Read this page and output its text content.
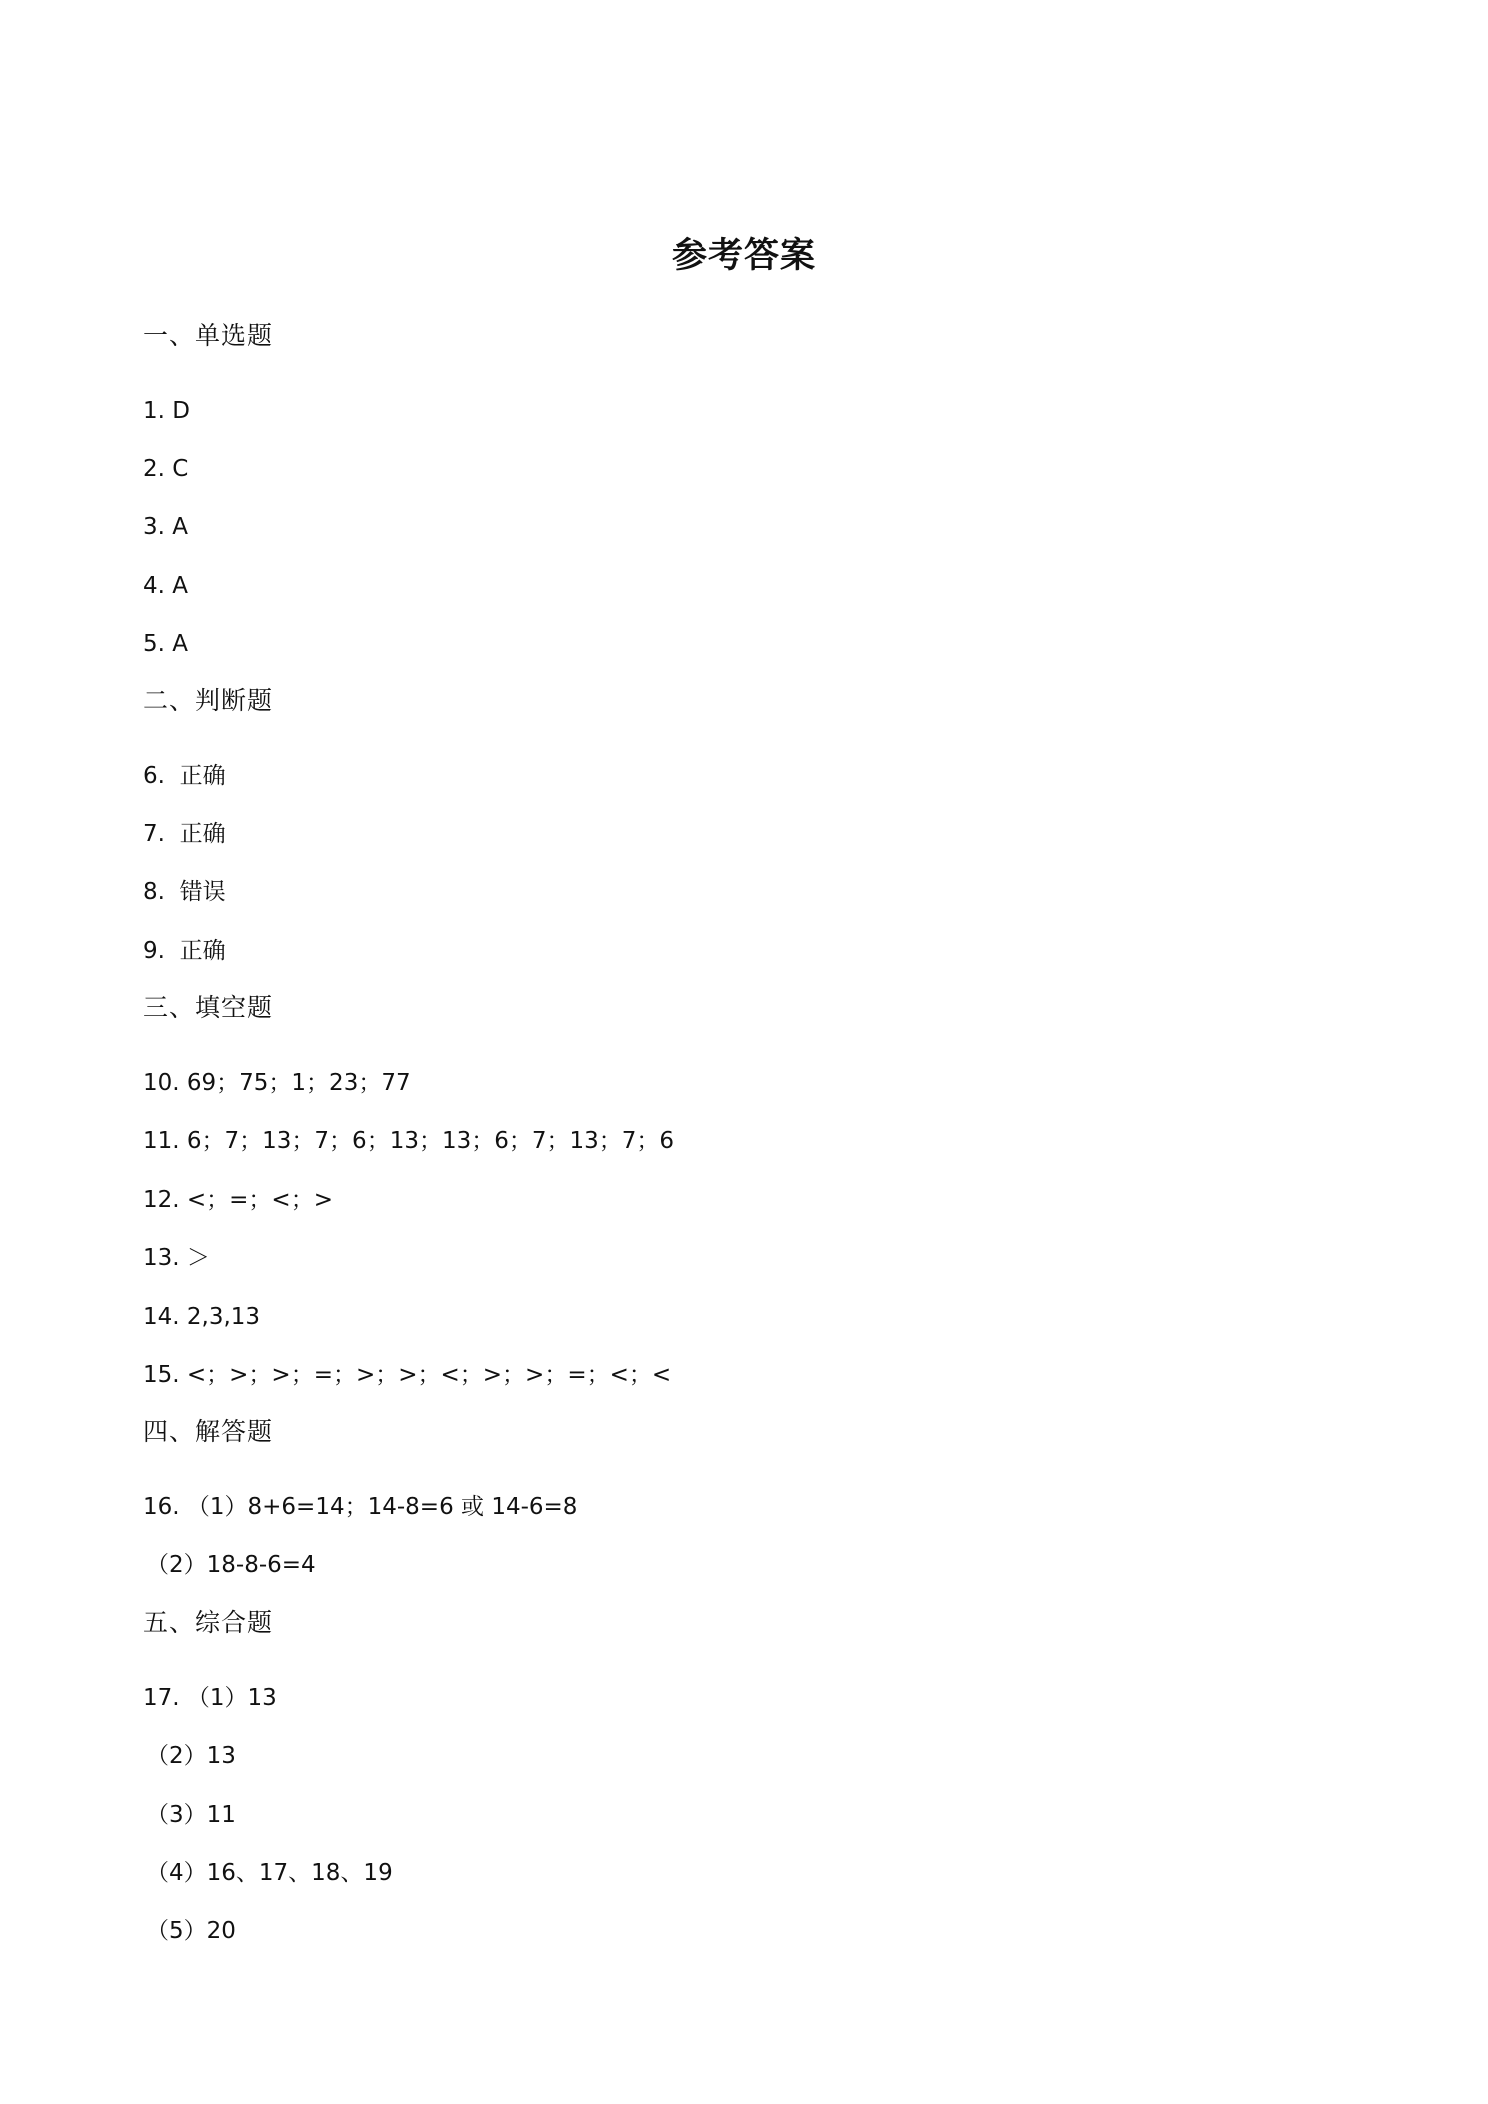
参考答案
一、单选题
1. D
2. C
3. A
4. A
5. A
二、判断题
6.  正确
7.  正确
8.  错误
9.  正确
三、填空题
10. 69；75；1；23；77
11. 6；7；13；7；6；13；13；6；7；13；7；6
12. <；=；<；>
13. ＞
14. 2,3,13
15. <；>；>；=；>；>；<；>；>；=；<；<
四、解答题
16. （1）8+6=14；14-8=6 或 14-6=8
（2）18-8-6=4
五、综合题
17. （1）13
（2）13
（3）11
（4）16、17、18、19
（5）20
